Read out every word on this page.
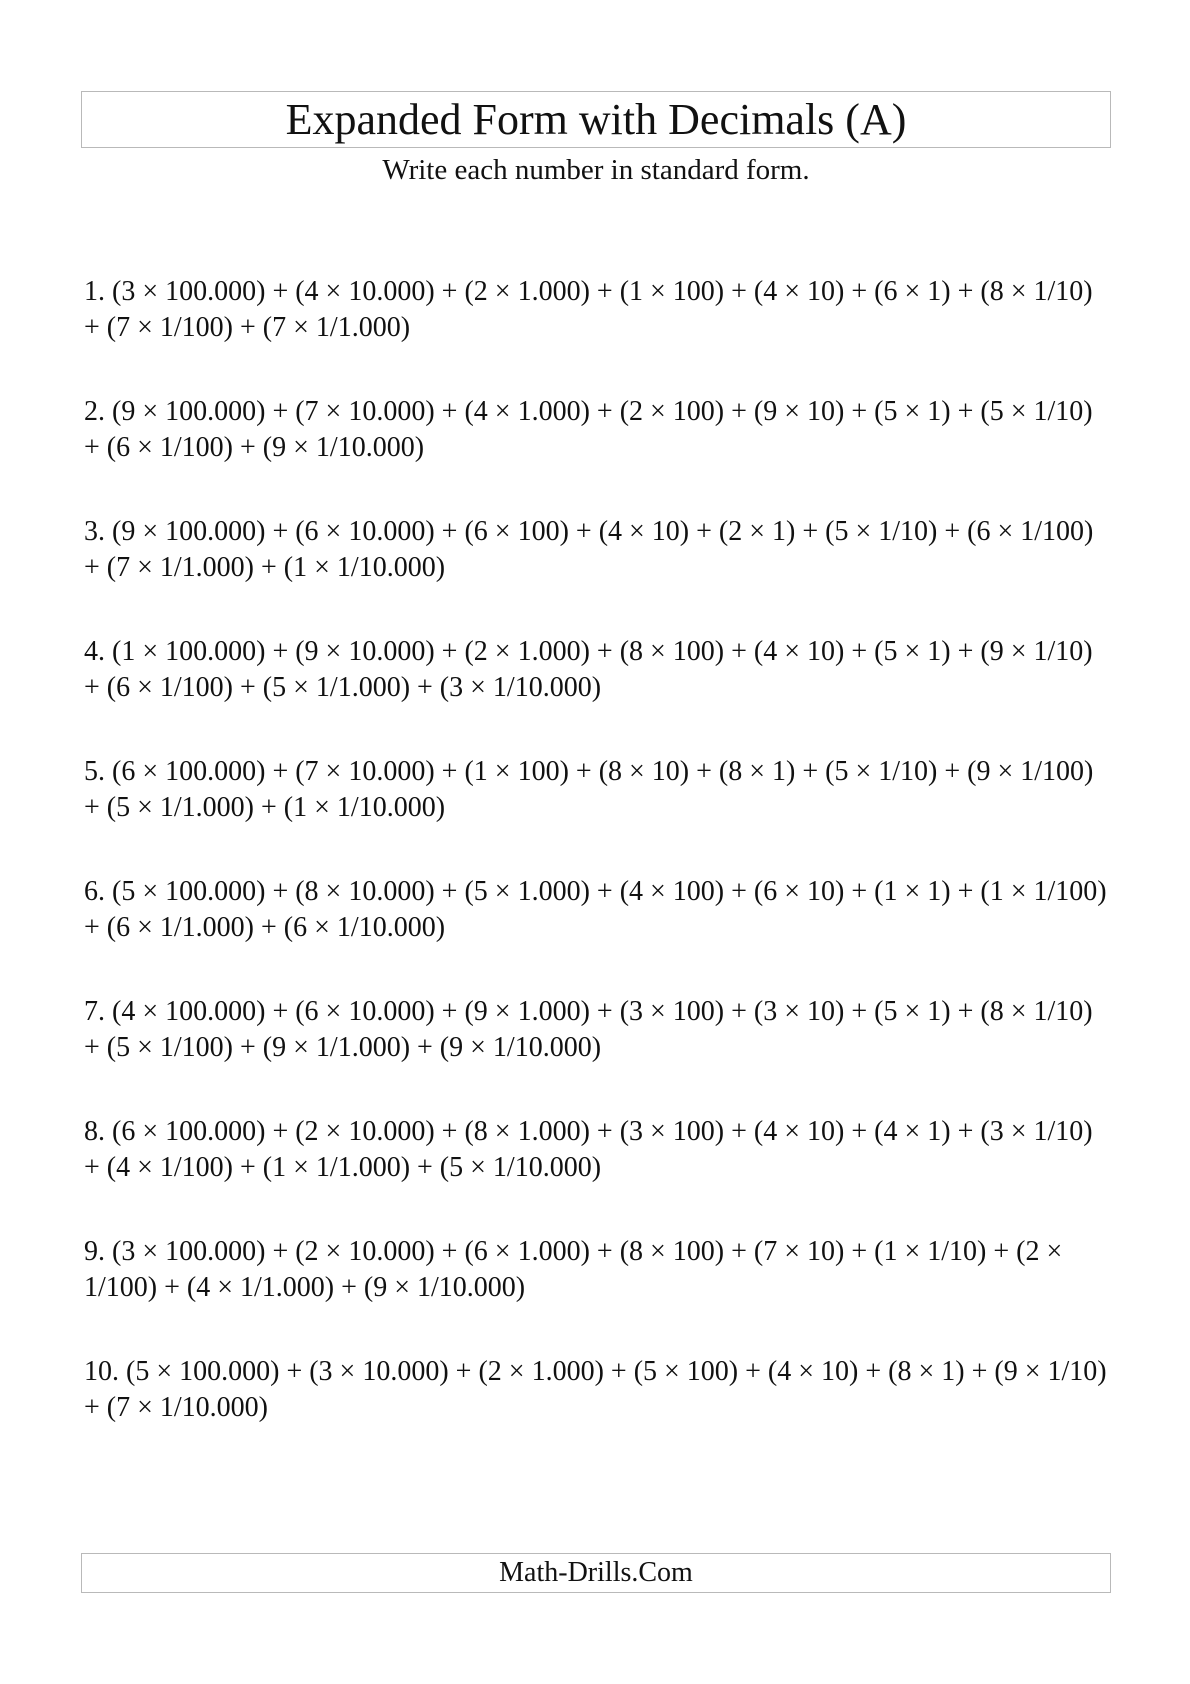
Expanded Form with Decimals (A)
Write each number in standard form.
1. (3 × 100.000) + (4 × 10.000) + (2 × 1.000) + (1 × 100) + (4 × 10) + (6 × 1) + (8 × 1/10) + (7 × 1/100) + (7 × 1/1.000)
2. (9 × 100.000) + (7 × 10.000) + (4 × 1.000) + (2 × 100) + (9 × 10) + (5 × 1) + (5 × 1/10) + (6 × 1/100) + (9 × 1/10.000)
3. (9 × 100.000) + (6 × 10.000) + (6 × 100) + (4 × 10) + (2 × 1) + (5 × 1/10) + (6 × 1/100) + (7 × 1/1.000) + (1 × 1/10.000)
4. (1 × 100.000) + (9 × 10.000) + (2 × 1.000) + (8 × 100) + (4 × 10) + (5 × 1) + (9 × 1/10) + (6 × 1/100) + (5 × 1/1.000) + (3 × 1/10.000)
5. (6 × 100.000) + (7 × 10.000) + (1 × 100) + (8 × 10) + (8 × 1) + (5 × 1/10) + (9 × 1/100) + (5 × 1/1.000) + (1 × 1/10.000)
6. (5 × 100.000) + (8 × 10.000) + (5 × 1.000) + (4 × 100) + (6 × 10) + (1 × 1) + (1 × 1/100) + (6 × 1/1.000) + (6 × 1/10.000)
7. (4 × 100.000) + (6 × 10.000) + (9 × 1.000) + (3 × 100) + (3 × 10) + (5 × 1) + (8 × 1/10) + (5 × 1/100) + (9 × 1/1.000) + (9 × 1/10.000)
8. (6 × 100.000) + (2 × 10.000) + (8 × 1.000) + (3 × 100) + (4 × 10) + (4 × 1) + (3 × 1/10) + (4 × 1/100) + (1 × 1/1.000) + (5 × 1/10.000)
9. (3 × 100.000) + (2 × 10.000) + (6 × 1.000) + (8 × 100) + (7 × 10) + (1 × 1/10) + (2 × 1/100) + (4 × 1/1.000) + (9 × 1/10.000)
10. (5 × 100.000) + (3 × 10.000) + (2 × 1.000) + (5 × 100) + (4 × 10) + (8 × 1) + (9 × 1/10) + (7 × 1/10.000)
Math-Drills.Com
